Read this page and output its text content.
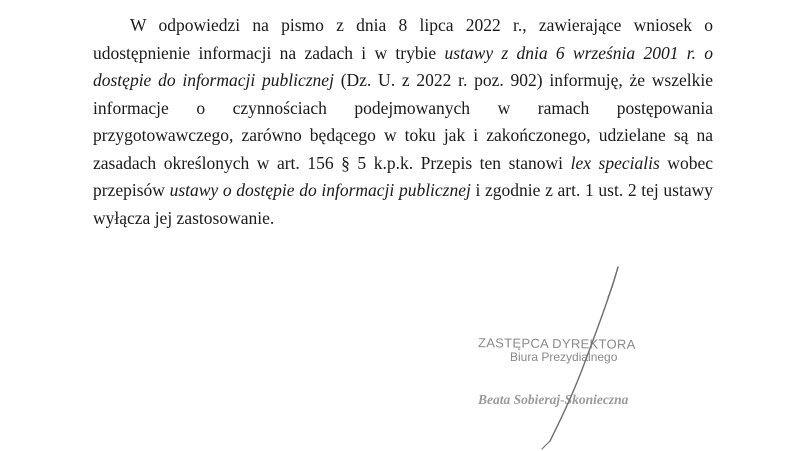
W odpowiedzi na pismo z dnia 8 lipca 2022 r., zawierające wniosek o udostępnienie informacji na zadach i w trybie ustawy z dnia 6 września 2001 r. o dostępie do informacji publicznej (Dz. U. z 2022 r. poz. 902) informuję, że wszelkie informacje o czynnościach podejmowanych w ramach postępowania przygotowawczego, zarówno będącego w toku jak i zakończonego, udzielane są na zasadach określonych w art. 156 § 5 k.p.k. Przepis ten stanowi lex specialis wobec przepisów ustawy o dostępie do informacji publicznej i zgodnie z art. 1 ust. 2 tej ustawy wyłącza jej zastosowanie.

ZASTĘPCA DYREKTORA
Biura Prezydialnego
Beata Sobieraj-Skonieczna
